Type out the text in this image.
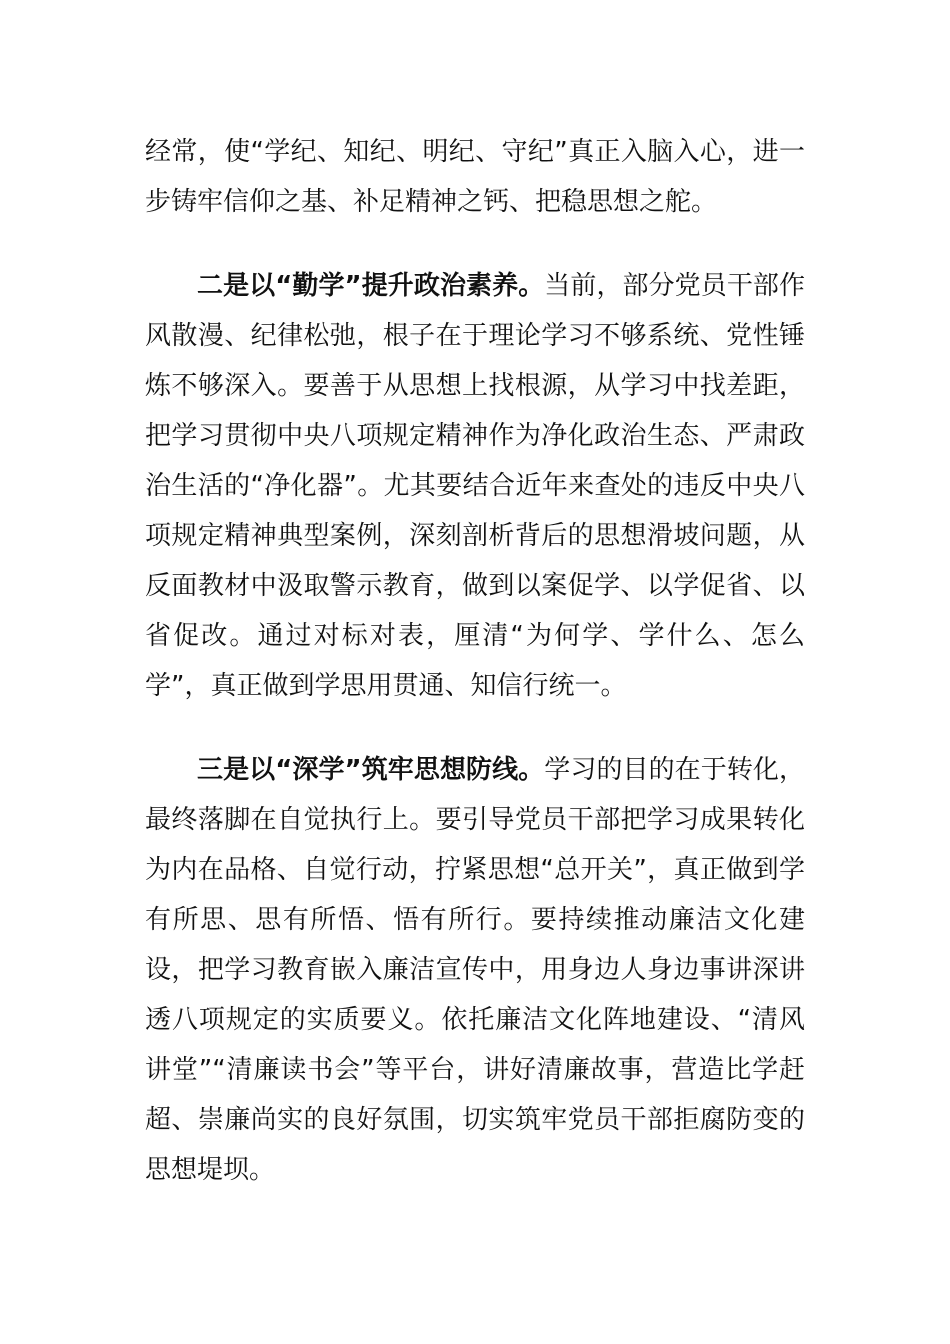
经常，使“学纪、知纪、明纪、守纪”真正入脑入心，进一步铸牢信仰之基、补足精神之钙、把稳思想之舵。

二是以“勤学”提升政治素养。当前，部分党员干部作风散漫、纪律松弛，根子在于理论学习不够系统、党性锤炼不够深入。要善于从思想上找根源，从学习中找差距，把学习贯彻中央八项规定精神作为净化政治生态、严肃政治生活的“净化器”。尤其要结合近年来查处的违反中央八项规定精神典型案例，深刻剖析背后的思想滑坡问题，从反面教材中汲取警示教育，做到以案促学、以学促省、以省促改。通过对标对表，厘清“为何学、学什么、怎么学”，真正做到学思用贯通、知信行统一。

三是以“深学”筑牢思想防线。学习的目的在于转化，最终落脚在自觉执行上。要引导党员干部把学习成果转化为内在品格、自觉行动，拧紧思想“总开关”，真正做到学有所思、思有所悟、悟有所行。要持续推动廉洁文化建设，把学习教育嵌入廉洁宣传中，用身边人身边事讲深讲透八项规定的实质要义。依托廉洁文化阵地建设、“清风讲堂”“清廉读书会”等平台，讲好清廉故事，营造比学赶超、崇廉尚实的良好氛围，切实筑牢党员干部拒腐防变的思想堤坝。
